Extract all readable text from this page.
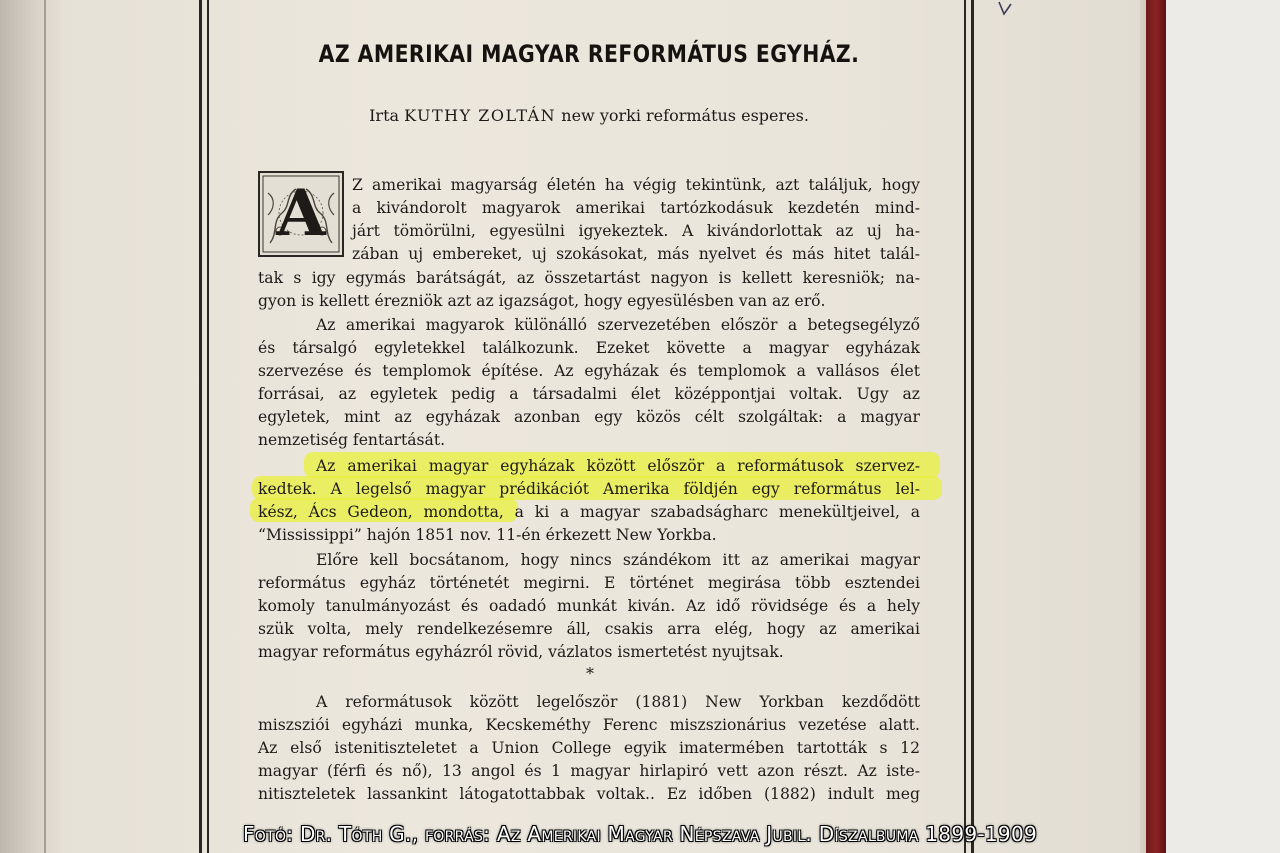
AZ AMERIKAI MAGYAR REFORMÁTUS EGYHÁZ.
Irta KUTHY ZOLTÁN new yorki református esperes.
A	Z amerikai magyarság életén ha végig tekintünk, azt találjuk, hogy
a kivándorolt magyarok amerikai tartózkodásuk kezdetén mind-
járt tömörülni, egyesülni igyekeztek. A kivándorlottak az uj ha-
zában uj embereket, uj szokásokat, más nyelvet és más hitet talál-
tak s igy egymás barátságát, az összetartást nagyon is kellett keresniök; na-
gyon is kellett érezniök azt az igazságot, hogy egyesülésben van az erő.
Az amerikai magyarok különálló szervezetében először a betegsegélyző
és társalgó egyletekkel találkozunk. Ezeket követte a magyar egyházak
szervezése és templomok építése. Az egyházak és templomok a vallásos élet
forrásai, az egyletek pedig a társadalmi élet középpontjai voltak. Ugy az
egyletek, mint az egyházak azonban egy közös célt szolgáltak: a magyar
nemzetiség fentartását.
Az amerikai magyar egyházak között először a reformátusok szervez-
kedtek. A legelső magyar prédikációt Amerika földjén egy református lel-
kész, Ács Gedeon, mondotta, a ki a magyar szabadságharc menekültjeivel, a
“Mississippi” hajón 1851 nov. 11-én érkezett New Yorkba.
Előre kell bocsátanom, hogy nincs szándékom itt az amerikai magyar
református egyház történetét megirni. E történet megirása több esztendei
komoly tanulmányozást és oadadó munkát kiván. Az idő rövidsége és a hely
szük volta, mely rendelkezésemre áll, csakis arra elég, hogy az amerikai
magyar református egyházról rövid, vázlatos ismertetést nyujtsak.
*
A reformátusok között legelőször (1881) New Yorkban kezdődött
miszsziói egyházi munka, Kecskeméthy Ferenc miszszionárius vezetése alatt.
Az első istenitiszteletet a Union College egyik imatermében tartották s 12
magyar (férfi és nő), 13 angol és 1 magyar hirlapiró vett azon részt. Az iste-
nitiszteletek lassankint látogatottabbak voltak.. Ez időben (1882) indult meg
Fotó: Dr. Tóth G., forrás: Az Amerikai Magyar Népszava Jubil. Díszalbuma 1899-1909
